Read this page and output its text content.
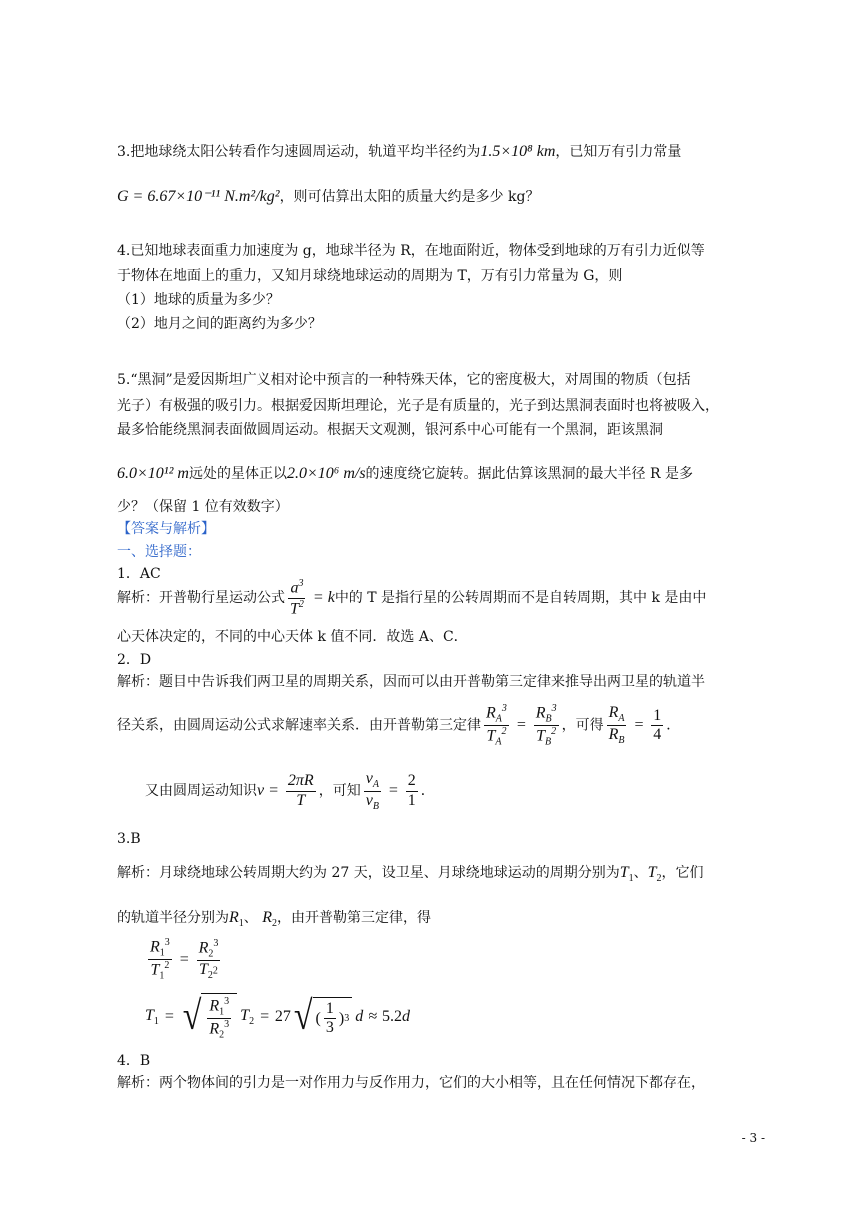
3.把地球绕太阳公转看作匀速圆周运动，轨道平均半径约为1.5×10⁸ km，已知万有引力常量
G = 6.67×10⁻¹¹ N.m²/kg²，则可估算出太阳的质量大约是多少 kg？
4.已知地球表面重力加速度为 g，地球半径为 R，在地面附近，物体受到地球的万有引力近似等
于物体在地面上的重力，又知月球绕地球运动的周期为 T，万有引力常量为 G，则
（1）地球的质量为多少？
（2）地月之间的距离约为多少？
5.“黑洞”是爱因斯坦广义相对论中预言的一种特殊天体，它的密度极大，对周围的物质（包括
光子）有极强的吸引力。根据爱因斯坦理论，光子是有质量的，光子到达黑洞表面时也将被吸入，
最多恰能绕黑洞表面做圆周运动。根据天文观测，银河系中心可能有一个黑洞，距该黑洞
6.0×10¹² m远处的星体正以2.0×10⁶ m/s的速度绕它旋转。据此估算该黑洞的最大半径 R 是多
少？（保留 1 位有效数字）
【答案与解析】
一、选择题：
1．AC
解析：开普勒行星运动公式 $\frac{a^3}{T^2} = k$中的 T 是指行星的公转周期而不是自转周期，其中 k 是由中
心天体决定的，不同的中心天体 k 值不同．故选 A、C．
2．D
解析：题目中告诉我们两卫星的周期关系，因而可以由开普勒第三定律来推导出两卫星的轨道半
径关系，由圆周运动公式求解速率关系．由开普勒第三定律 $\frac{R_A^3}{T_A^2} = \frac{R_B^3}{T_B^2}$ ，可得 $\frac{R_A}{R_B} = \frac{1}{4}$ ．
又由圆周运动知识$v = \frac{2\pi R}{T}$ ，可知 $\frac{v_A}{v_B} = \frac{2}{1}$ ．
3.B
解析：月球绕地球公转周期大约为 27 天，设卫星、月球绕地球运动的周期分别为$T_1$、$T_2$，它们
的轨道半径分别为$R_1$、 $R_2$，由开普勒第三定律，得
$\frac{R_1^3}{T_1^2} = \frac{R_2^3}{T_{2^2}}$
$T_1$ = √ $\frac{R_1^3}{R_2^3} T_2 = 27$ √ ( $\frac{1}{3}$ ) 3 d ≈ 5.2 d
4．B
解析：两个物体间的引力是一对作用力与反作用力，它们的大小相等，且在任何情况下都存在，
- 3 -
